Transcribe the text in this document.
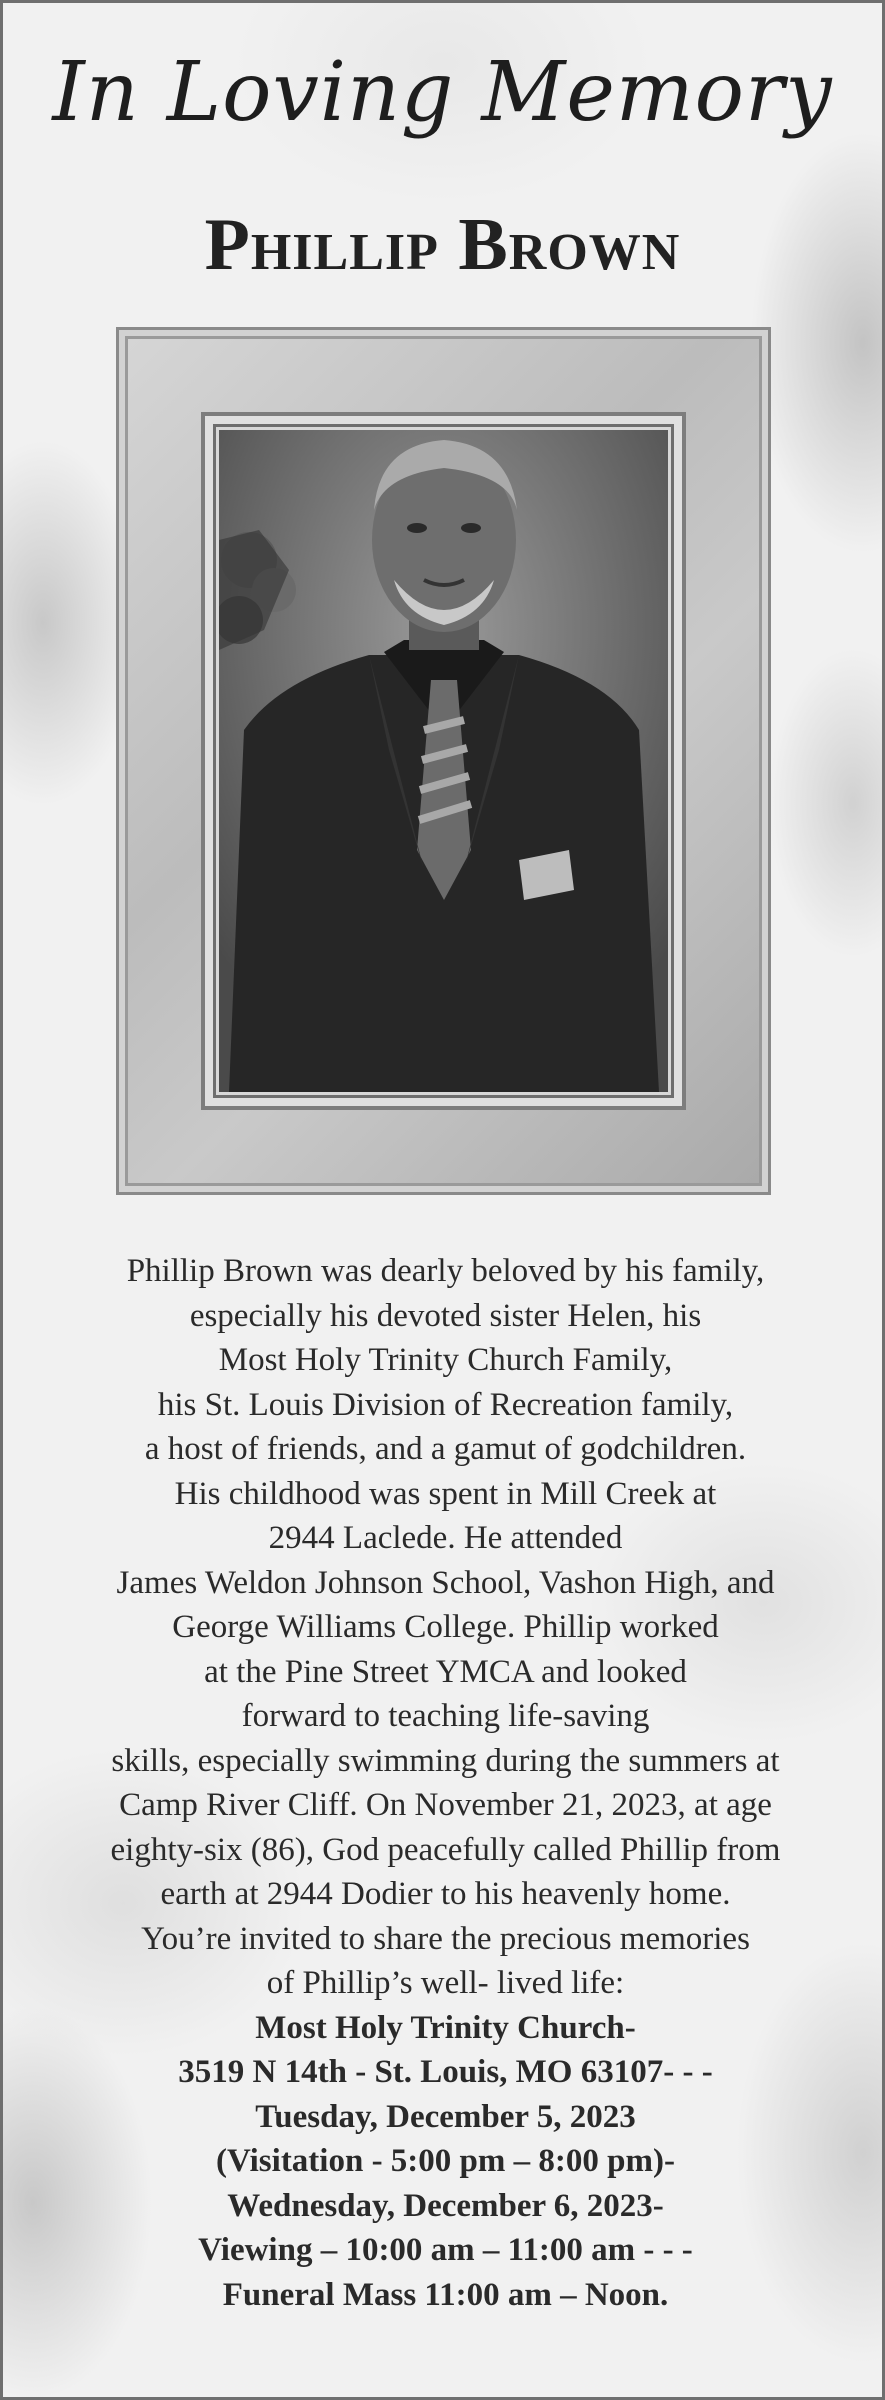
In Loving Memory
Phillip Brown
Phillip Brown was dearly beloved by his family,
especially his devoted sister Helen, his
Most Holy Trinity Church Family,
his St. Louis Division of Recreation family,
a host of friends, and a gamut of godchildren.
His childhood was spent in Mill Creek at
2944 Laclede. He attended
James Weldon Johnson School, Vashon High, and
George Williams College. Phillip worked
at the Pine Street YMCA and looked
forward to teaching life-saving
skills, especially swimming during the summers at
Camp River Cliff. On November 21, 2023, at age
eighty-six (86), God peacefully called Phillip from
earth at 2944 Dodier to his heavenly home.
You’re invited to share the precious memories
of Phillip’s well- lived life:
Most Holy Trinity Church-
3519 N 14th - St. Louis, MO 63107- - -
Tuesday, December 5, 2023
(Visitation - 5:00 pm – 8:00 pm)-
Wednesday, December 6, 2023-
Viewing – 10:00 am – 11:00 am - - -
Funeral Mass 11:00 am – Noon.
